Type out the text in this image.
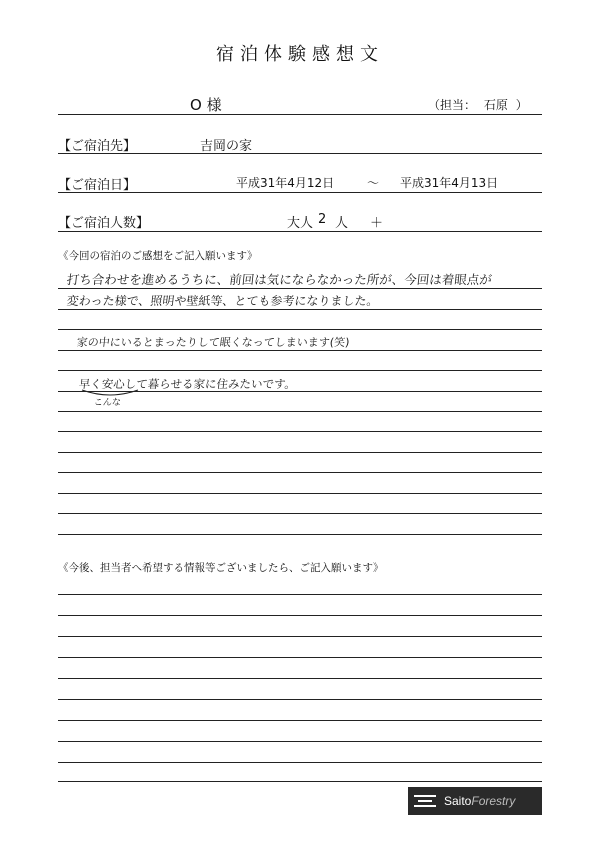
宿泊体験感想文
O 様	（担当： 石原 ）
【ご宿泊先】	吉岡の家
【ご宿泊日】	平成31年4月12日	～ 平成31年4月13日
【ご宿泊人数】	大人 2 人 ＋
《今回の宿泊のご感想をご記入願います》
打ち合わせを進めるうちに、前回は気にならなかった所が、今回は着眼点が
変わった様で、照明や壁紙等、とても参考になりました。
家の中にいるとまったりして眠くなってしまいます(笑)
早く安心して暮らせる家に住みたいです。
こんな
《今後、担当者へ希望する情報等ございましたら、ご記入願います》
SaitoForestry
